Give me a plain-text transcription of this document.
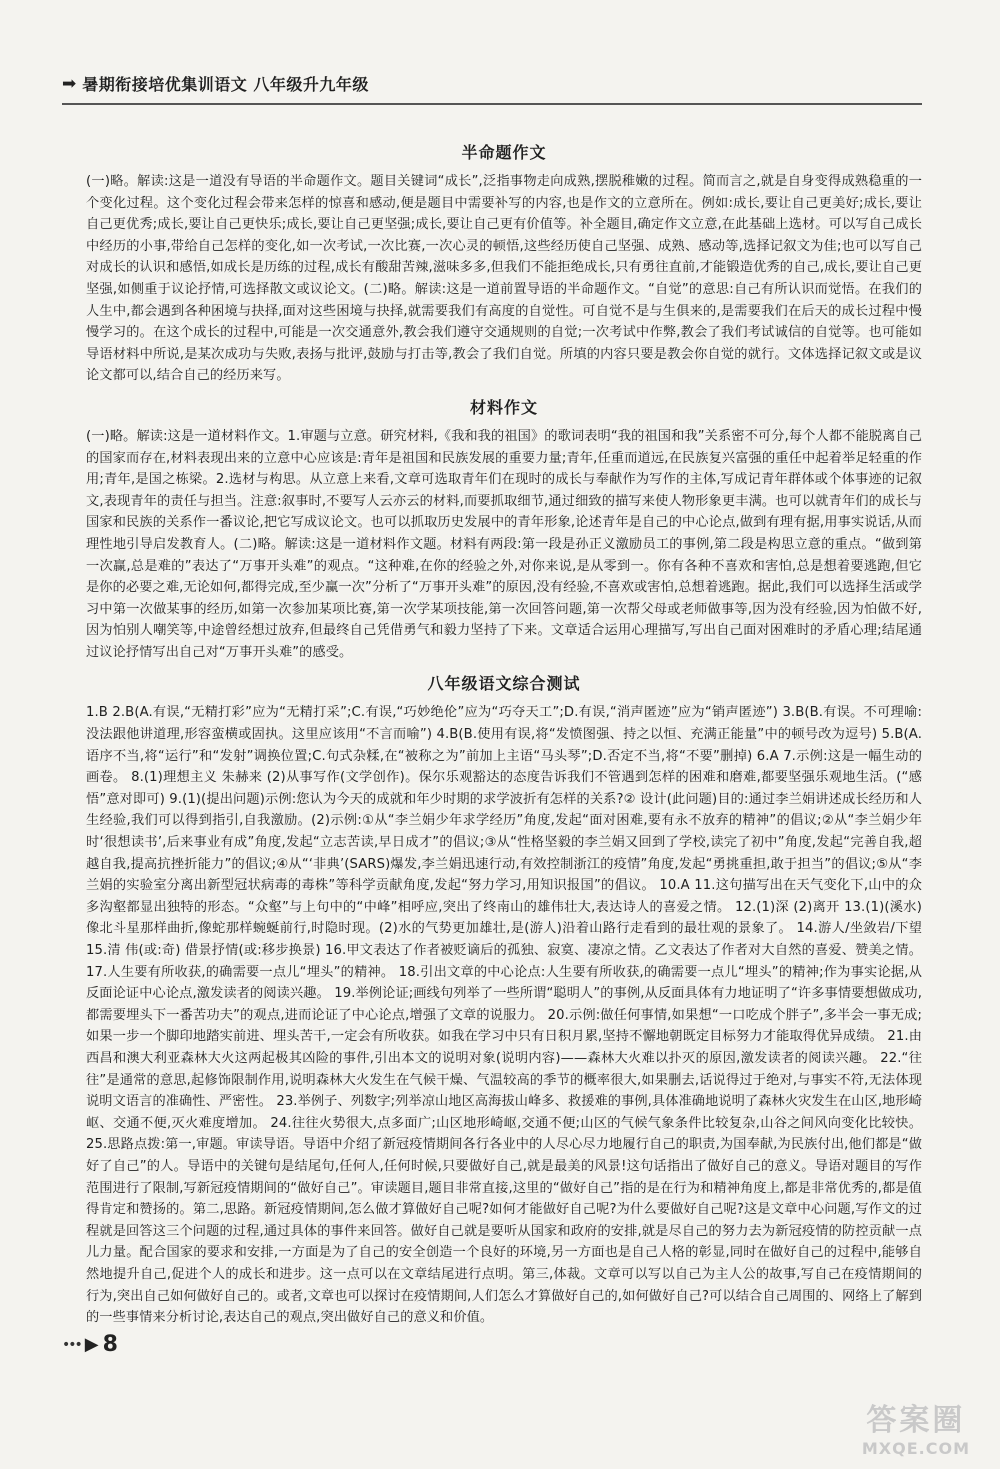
➡ 暑期衔接培优集训语文 八年级升九年级
半命题作文

(一)略。解读:这是一道没有导语的半命题作文。题目关键词“成长”,泛指事物走向成熟,摆脱稚嫩的过程。简而言之,就是自身变得成熟稳重的一个变化过程。这个变化过程会带来怎样的惊喜和感动,便是题目中需要补写的内容,也是作文的立意所在。例如:成长,要让自己更美好;成长,要让自己更优秀;成长,要让自己更快乐;成长,要让自己更坚强;成长,要让自己更有价值等。补全题目,确定作文立意,在此基础上选材。可以写自己成长中经历的小事,带给自己怎样的变化,如一次考试,一次比赛,一次心灵的顿悟,这些经历使自己坚强、成熟、感动等,选择记叙文为佳;也可以写自己对成长的认识和感悟,如成长是历练的过程,成长有酸甜苦辣,滋味多多,但我们不能拒绝成长,只有勇往直前,才能锻造优秀的自己,成长,要让自己更坚强,如侧重于议论抒情,可选择散文或议论文。(二)略。解读:这是一道前置导语的半命题作文。“自觉”的意思:自己有所认识而觉悟。在我们的人生中,都会遇到各种困境与抉择,面对这些困境与抉择,就需要我们有高度的自觉性。可自觉不是与生俱来的,是需要我们在后天的成长过程中慢慢学习的。在这个成长的过程中,可能是一次交通意外,教会我们遵守交通规则的自觉;一次考试中作弊,教会了我们考试诚信的自觉等。也可能如导语材料中所说,是某次成功与失败,表扬与批评,鼓励与打击等,教会了我们自觉。所填的内容只要是教会你自觉的就行。文体选择记叙文或是议论文都可以,结合自己的经历来写。

材料作文

(一)略。解读:这是一道材料作文。1.审题与立意。研究材料,《我和我的祖国》的歌词表明“我的祖国和我”关系密不可分,每个人都不能脱离自己的国家而存在,材料表现出来的立意中心应该是:青年是祖国和民族发展的重要力量;青年,任重而道远,在民族复兴富强的重任中起着举足轻重的作用;青年,是国之栋梁。2.选材与构思。从立意上来看,文章可选取青年们在现时的成长与奉献作为写作的主体,写成记青年群体或个体事迹的记叙文,表现青年的责任与担当。注意:叙事时,不要写人云亦云的材料,而要抓取细节,通过细致的描写来使人物形象更丰满。也可以就青年们的成长与国家和民族的关系作一番议论,把它写成议论文。也可以抓取历史发展中的青年形象,论述青年是自己的中心论点,做到有理有据,用事实说话,从而理性地引导启发教育人。(二)略。解读:这是一道材料作文题。材料有两段:第一段是孙正义激励员工的事例,第二段是构思立意的重点。“做到第一次赢,总是难的”表达了“万事开头难”的观点。“这种难,在你的经验之外,对你来说,是从零到一。你有各种不喜欢和害怕,总是想着要逃跑,但它是你的必要之难,无论如何,都得完成,至少赢一次”分析了“万事开头难”的原因,没有经验,不喜欢或害怕,总想着逃跑。据此,我们可以选择生活或学习中第一次做某事的经历,如第一次参加某项比赛,第一次学某项技能,第一次回答问题,第一次帮父母或老师做事等,因为没有经验,因为怕做不好,因为怕别人嘲笑等,中途曾经想过放弃,但最终自己凭借勇气和毅力坚持了下来。文章适合运用心理描写,写出自己面对困难时的矛盾心理;结尾通过议论抒情写出自己对“万事开头难”的感受。

八年级语文综合测试

1.B 2.B(A.有误,“无精打彩”应为“无精打采”;C.有误,“巧妙绝伦”应为“巧夺天工”;D.有误,“消声匿迹”应为“销声匿迹”) 3.B(B.有误。不可理喻:没法跟他讲道理,形容蛮横或固执。这里应该用“不言而喻”) 4.B(B.使用有误,将“发愤图强、持之以恒、充满正能量”中的顿号改为逗号) 5.B(A.语序不当,将“运行”和“发射”调换位置;C.句式杂糅,在“被称之为”前加上主语“马头琴”;D.否定不当,将“不要”删掉) 6.A 7.示例:这是一幅生动的画卷。 8.(1)理想主义 朱赫来 (2)从事写作(文学创作)。保尔乐观豁达的态度告诉我们不管遇到怎样的困难和磨难,都要坚强乐观地生活。(“感悟”意对即可) 9.(1)(提出问题)示例:您认为今天的成就和年少时期的求学波折有怎样的关系?② 设计(此问题)目的:通过李兰娟讲述成长经历和人生经验,我们可以得到指引,自我激励。(2)示例:①从“李兰娟少年求学经历”角度,发起“面对困难,要有永不放弃的精神”的倡议;②从“李兰娟少年时‘很想读书’,后来事业有成”角度,发起“立志苦读,早日成才”的倡议;③从“性格坚毅的李兰娟又回到了学校,读完了初中”角度,发起“完善自我,超越自我,提高抗挫折能力”的倡议;④从“‘非典’(SARS)爆发,李兰娟迅速行动,有效控制浙江的疫情”角度,发起“勇挑重担,敢于担当”的倡议;⑤从“李兰娟的实验室分离出新型冠状病毒的毒株”等科学贡献角度,发起“努力学习,用知识报国”的倡议。 10.A 11.这句描写出在天气变化下,山中的众多沟壑都显出独特的形态。“众壑”与上句中的“中峰”相呼应,突出了终南山的雄伟壮大,表达诗人的喜爱之情。 12.(1)深 (2)离开 13.(1)(溪水)像北斗星那样曲折,像蛇那样蜿蜒前行,时隐时现。(2)水的气势更加雄壮,是(游人)沿着山路行走看到的最壮观的景象了。 14.游人/坐敛岩/下望 15.清 伟(或:奇) 借景抒情(或:移步换景) 16.甲文表达了作者被贬谪后的孤独、寂寞、凄凉之情。乙文表达了作者对大自然的喜爱、赞美之情。 17.人生要有所收获,的确需要一点儿“埋头”的精神。 18.引出文章的中心论点:人生要有所收获,的确需要一点儿“埋头”的精神;作为事实论据,从反面论证中心论点,激发读者的阅读兴趣。 19.举例论证;画线句列举了一些所谓“聪明人”的事例,从反面具体有力地证明了“许多事情要想做成功,都需要埋头下一番苦功夫”的观点,进而论证了中心论点,增强了文章的说服力。 20.示例:做任何事情,如果想“一口吃成个胖子”,多半会一事无成;如果一步一个脚印地踏实前进、埋头苦干,一定会有所收获。如我在学习中只有日积月累,坚持不懈地朝既定目标努力才能取得优异成绩。 21.由西昌和澳大利亚森林大火这两起极其凶险的事件,引出本文的说明对象(说明内容)——森林大火难以扑灭的原因,激发读者的阅读兴趣。 22.“往往”是通常的意思,起修饰限制作用,说明森林大火发生在气候干燥、气温较高的季节的概率很大,如果删去,话说得过于绝对,与事实不符,无法体现说明文语言的准确性、严密性。 23.举例子、列数字;列举凉山地区高海拔山峰多、救援难的事例,具体准确地说明了森林火灾发生在山区,地形崎岖、交通不便,灭火难度增加。 24.往往火势很大,点多面广;山区地形崎岖,交通不便;山区的气候气象条件比较复杂,山谷之间风向变化比较快。 25.思路点拨:第一,审题。审读导语。导语中介绍了新冠疫情期间各行各业中的人尽心尽力地履行自己的职责,为国奉献,为民族付出,他们都是“做好了自己”的人。导语中的关键句是结尾句,任何人,任何时候,只要做好自己,就是最美的风景!这句话指出了做好自己的意义。导语对题目的写作范围进行了限制,写新冠疫情期间的“做好自己”。审读题目,题目非常直接,这里的“做好自己”指的是在行为和精神角度上,都是非常优秀的,都是值得肯定和赞扬的。第二,思路。新冠疫情期间,怎么做才算做好自己呢?如何才能做好自己呢?为什么要做好自己呢?这是文章中心问题,写作文的过程就是回答这三个问题的过程,通过具体的事件来回答。做好自己就是要听从国家和政府的安排,就是尽自己的努力去为新冠疫情的防控贡献一点儿力量。配合国家的要求和安排,一方面是为了自己的安全创造一个良好的环境,另一方面也是自己人格的彰显,同时在做好自己的过程中,能够自然地提升自己,促进个人的成长和进步。这一点可以在文章结尾进行点明。第三,体裁。文章可以写以自己为主人公的故事,写自己在疫情期间的行为,突出自己如何做好自己的。或者,文章也可以探讨在疫情期间,人们怎么才算做好自己的,如何做好自己?可以结合自己周围的、网络上了解到的一些事情来分析讨论,表达自己的观点,突出做好自己的意义和价值。

••• ▶ 8
答案圈
MXQE.COM
